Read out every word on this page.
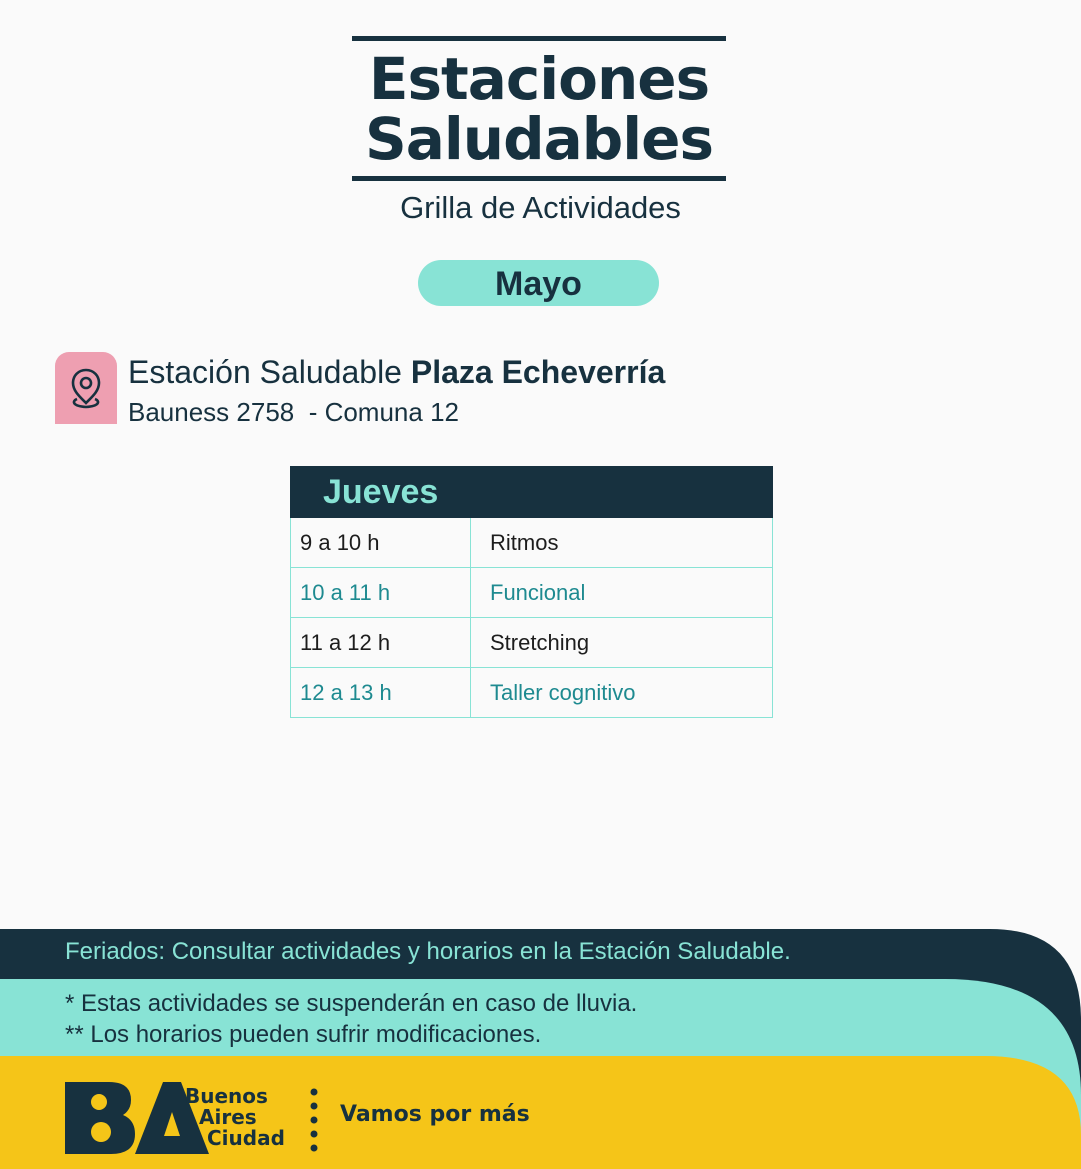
Estaciones
Saludables
Grilla de Actividades
Mayo
Estación Saludable Plaza Echeverría
Bauness 2758  - Comuna 12
Jueves
9 a 10 h	Ritmos
10 a 11 h	Funcional
11 a 12 h	Stretching
12 a 13 h	Taller cognitivo
Feriados: Consultar actividades y horarios en la Estación Saludable.
* Estas actividades se suspenderán en caso de lluvia.
** Los horarios pueden sufrir modificaciones.
Buenos
Aires
Ciudad
Vamos por más
